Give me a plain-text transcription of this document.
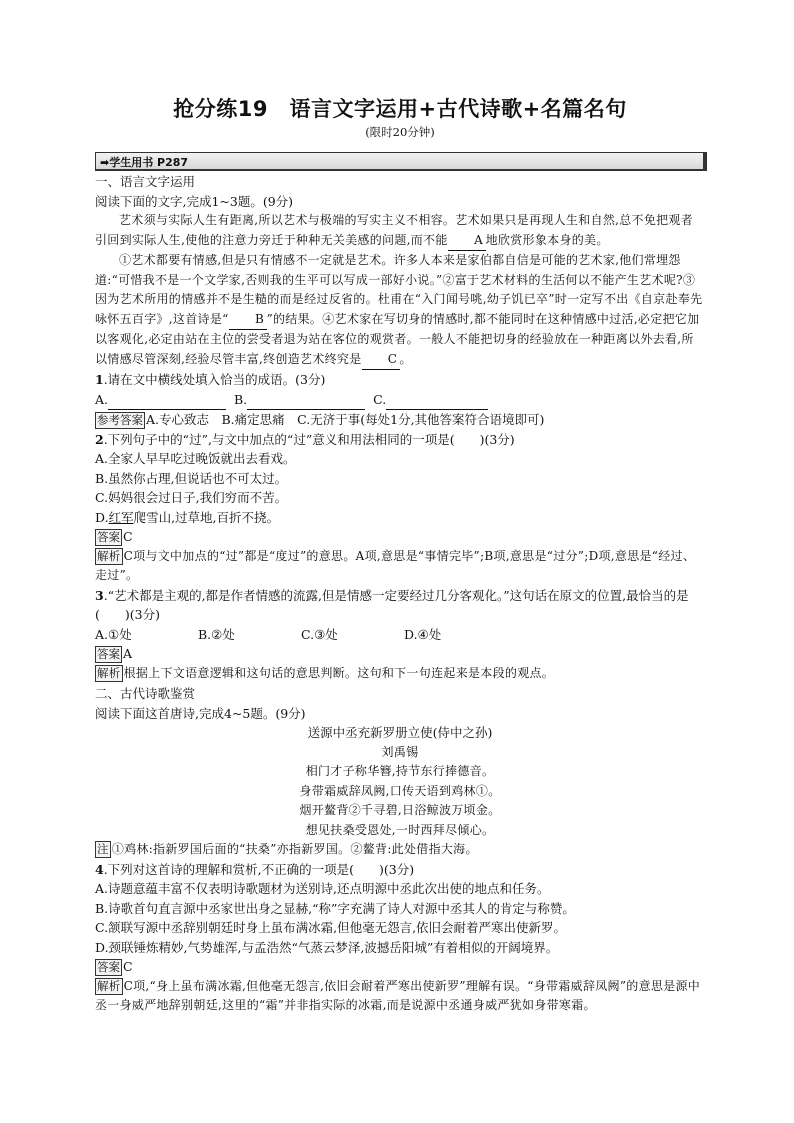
抢分练19　语言文字运用+古代诗歌+名篇名句
(限时20分钟)
➡学生用书 P287

一、语言文字运用

阅读下面的文字,完成1~3题。(9分)

艺术须与实际人生有距离,所以艺术与极端的写实主义不相容。艺术如果只是再现人生和自然,总不免把观者引回到实际人生,使他的注意力旁迁于种种无关美感的问题,而不能 A 地欣赏形象本身的美。

①艺术都要有情感,但是只有情感不一定就是艺术。许多人本来是家伯都自信是可能的艺术家,他们常埋怨道:“可惜我不是一个文学家,否则我的生平可以写成一部好小说。”②富于艺术材料的生活何以不能产生艺术呢?③因为艺术所用的情感并不是生糙的而是经过反省的。杜甫在“入门闻号咷,幼子饥已卒”时一定写不出《自京赴奉先咏怀五百字》,这首诗是“ B ”的结果。④艺术家在写切身的情感时,都不能同时在这种情感中过活,必定把它加以客观化,必定由站在主位的尝受者退为站在客位的观赏者。一般人不能把切身的经验放在一种距离以外去看,所以情感尽管深刻,经验尽管丰富,终创造艺术终究是 C 。

1.请在文中横线处填入恰当的成语。(3分)

A.	B.	C.

参考答案 A.专心致志　B.痛定思痛　C.无济于事(每处1分,其他答案符合语境即可)

2.下列句子中的“过”,与文中加点的“过”意义和用法相同的一项是(　　)(3分)

A.全家人早早吃过晚饭就出去看戏。

B.虽然你占理,但说话也不可太过。

C.妈妈很会过日子,我们穷而不苦。

D.红军爬雪山,过草地,百折不挠。

答案 C

解析 C项与文中加点的“过”都是“度过”的意思。A项,意思是“事情完毕”;B项,意思是“过分”;D项,意思是“经过、走过”。

3.“艺术都是主观的,都是作者情感的流露,但是情感一定要经过几分客观化。”这句话在原文的位置,最恰当的是(　　)(3分)

A.①处	B.②处	C.③处	D.④处

答案 A

解析 根据上下文语意逻辑和这句话的意思判断。这句和下一句连起来是本段的观点。

二、古代诗歌鉴赏

阅读下面这首唐诗,完成4~5题。(9分)

送源中丞充新罗册立使(侍中之孙)

刘禹锡

相门才子称华簪,持节东行捧德音。

身带霜威辞凤阙,口传天语到鸡林①。

烟开鳌背②千寻碧,日浴鲸波万顷金。

想见扶桑受恩处,一时西拜尽倾心。

注 ①鸡林:指新罗国后面的“扶桑”亦指新罗国。②鳌背:此处借指大海。

4.下列对这首诗的理解和赏析,不正确的一项是(　　)(3分)

A.诗题意蕴丰富不仅表明诗歌题材为送别诗,还点明源中丞此次出使的地点和任务。

B.诗歌首句直言源中丞家世出身之显赫,“称”字充满了诗人对源中丞其人的肯定与称赞。

C.颔联写源中丞辞别朝廷时身上虽布满冰霜,但他毫无怨言,依旧会耐着严寒出使新罗。

D.颈联锤炼精妙,气势雄浑,与孟浩然“气蒸云梦泽,波撼岳阳城”有着相似的开阔境界。

答案 C

解析 C项,“身上虽布满冰霜,但他毫无怨言,依旧会耐着严寒出使新罗”理解有误。“身带霜威辞凤阙”的意思是源中丞一身威严地辞别朝廷,这里的“霜”并非指实际的冰霜,而是说源中丞通身威严犹如身带寒霜。
